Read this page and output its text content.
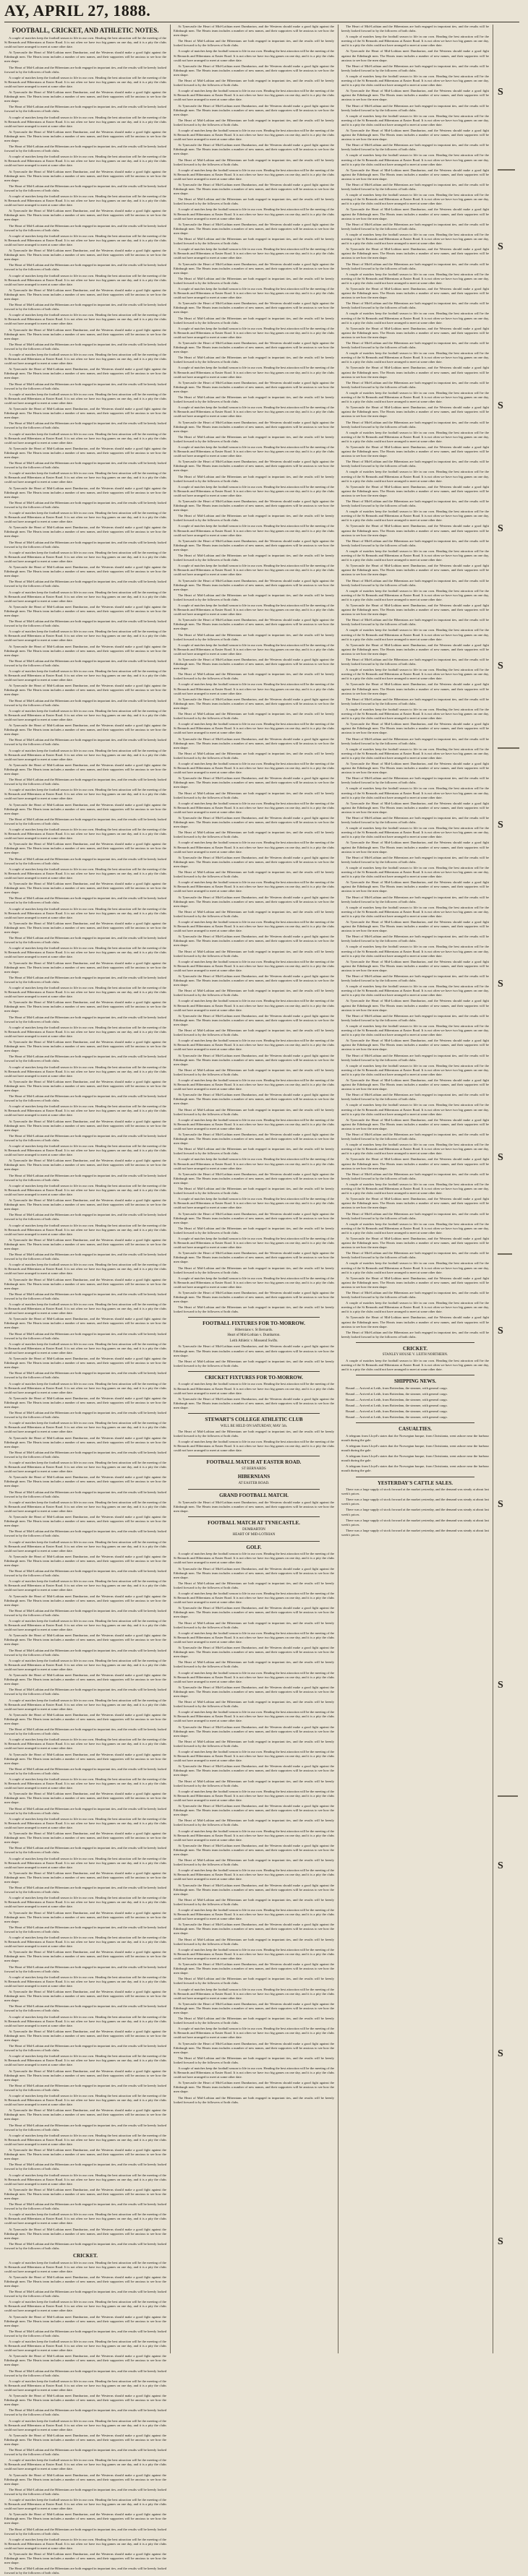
AY, APRIL 27, 1888.
FOOTBALL, CRICKET, AND ATHLETIC NOTES.

A couple of matches keep the football season to life in our own. Heading the best attraction will be the meeting of the St Bernards and Hibernians at Easter Road. It is not often we have two big games on one day, and it is a pity the clubs could not have arranged to meet at some other date.

At Tynecastle the Heart of Mid-Lothian meet Dumbarton, and the Westerns should make a good fight against the Edinburgh men. The Hearts team includes a number of new names, and their supporters will be anxious to see how the men shape.

The Heart of Mid-Lothian and the Hibernians are both engaged in important ties, and the results will be keenly looked forward to by the followers of both clubs.

A couple of matches keep the football season to life in our own. Heading the best attraction will be the meeting of the St Bernards and Hibernians at Easter Road. It is not often we have two big games on one day, and it is a pity the clubs could not have arranged to meet at some other date.

At Tynecastle the Heart of Mid-Lothian meet Dumbarton, and the Westerns should make a good fight against the Edinburgh men. The Hearts team includes a number of new names, and their supporters will be anxious to see how the men shape.

The Heart of Mid-Lothian and the Hibernians are both engaged in important ties, and the results will be keenly looked forward to by the followers of both clubs.

A couple of matches keep the football season to life in our own. Heading the best attraction will be the meeting of the St Bernards and Hibernians at Easter Road. It is not often we have two big games on one day, and it is a pity the clubs could not have arranged to meet at some other date.

At Tynecastle the Heart of Mid-Lothian meet Dumbarton, and the Westerns should make a good fight against the Edinburgh men. The Hearts team includes a number of new names, and their supporters will be anxious to see how the men shape.

The Heart of Mid-Lothian and the Hibernians are both engaged in important ties, and the results will be keenly looked forward to by the followers of both clubs.

A couple of matches keep the football season to life in our own. Heading the best attraction will be the meeting of the St Bernards and Hibernians at Easter Road. It is not often we have two big games on one day, and it is a pity the clubs could not have arranged to meet at some other date.

At Tynecastle the Heart of Mid-Lothian meet Dumbarton, and the Westerns should make a good fight against the Edinburgh men. The Hearts team includes a number of new names, and their supporters will be anxious to see how the men shape.

The Heart of Mid-Lothian and the Hibernians are both engaged in important ties, and the results will be keenly looked forward to by the followers of both clubs.

A couple of matches keep the football season to life in our own. Heading the best attraction will be the meeting of the St Bernards and Hibernians at Easter Road. It is not often we have two big games on one day, and it is a pity the clubs could not have arranged to meet at some other date.

At Tynecastle the Heart of Mid-Lothian meet Dumbarton, and the Westerns should make a good fight against the Edinburgh men. The Hearts team includes a number of new names, and their supporters will be anxious to see how the men shape.

The Heart of Mid-Lothian and the Hibernians are both engaged in important ties, and the results will be keenly looked forward to by the followers of both clubs.

A couple of matches keep the football season to life in our own. Heading the best attraction will be the meeting of the St Bernards and Hibernians at Easter Road. It is not often we have two big games on one day, and it is a pity the clubs could not have arranged to meet at some other date.

At Tynecastle the Heart of Mid-Lothian meet Dumbarton, and the Westerns should make a good fight against the Edinburgh men. The Hearts team includes a number of new names, and their supporters will be anxious to see how the men shape.

The Heart of Mid-Lothian and the Hibernians are both engaged in important ties, and the results will be keenly looked forward to by the followers of both clubs.

A couple of matches keep the football season to life in our own. Heading the best attraction will be the meeting of the St Bernards and Hibernians at Easter Road. It is not often we have two big games on one day, and it is a pity the clubs could not have arranged to meet at some other date.

At Tynecastle the Heart of Mid-Lothian meet Dumbarton, and the Westerns should make a good fight against the Edinburgh men. The Hearts team includes a number of new names, and their supporters will be anxious to see how the men shape.

The Heart of Mid-Lothian and the Hibernians are both engaged in important ties, and the results will be keenly looked forward to by the followers of both clubs.

A couple of matches keep the football season to life in our own. Heading the best attraction will be the meeting of the St Bernards and Hibernians at Easter Road. It is not often we have two big games on one day, and it is a pity the clubs could not have arranged to meet at some other date.

At Tynecastle the Heart of Mid-Lothian meet Dumbarton, and the Westerns should make a good fight against the Edinburgh men. The Hearts team includes a number of new names, and their supporters will be anxious to see how the men shape.

The Heart of Mid-Lothian and the Hibernians are both engaged in important ties, and the results will be keenly looked forward to by the followers of both clubs.

A couple of matches keep the football season to life in our own. Heading the best attraction will be the meeting of the St Bernards and Hibernians at Easter Road. It is not often we have two big games on one day, and it is a pity the clubs could not have arranged to meet at some other date.

At Tynecastle the Heart of Mid-Lothian meet Dumbarton, and the Westerns should make a good fight against the Edinburgh men. The Hearts team includes a number of new names, and their supporters will be anxious to see how the men shape.

The Heart of Mid-Lothian and the Hibernians are both engaged in important ties, and the results will be keenly looked forward to by the followers of both clubs.

A couple of matches keep the football season to life in our own. Heading the best attraction will be the meeting of the St Bernards and Hibernians at Easter Road. It is not often we have two big games on one day, and it is a pity the clubs could not have arranged to meet at some other date.

At Tynecastle the Heart of Mid-Lothian meet Dumbarton, and the Westerns should make a good fight against the Edinburgh men. The Hearts team includes a number of new names, and their supporters will be anxious to see how the men shape.

The Heart of Mid-Lothian and the Hibernians are both engaged in important ties, and the results will be keenly looked forward to by the followers of both clubs.

A couple of matches keep the football season to life in our own. Heading the best attraction will be the meeting of the St Bernards and Hibernians at Easter Road. It is not often we have two big games on one day, and it is a pity the clubs could not have arranged to meet at some other date.

At Tynecastle the Heart of Mid-Lothian meet Dumbarton, and the Westerns should make a good fight against the Edinburgh men. The Hearts team includes a number of new names, and their supporters will be anxious to see how the men shape.

The Heart of Mid-Lothian and the Hibernians are both engaged in important ties, and the results will be keenly looked forward to by the followers of both clubs.

A couple of matches keep the football season to life in our own. Heading the best attraction will be the meeting of the St Bernards and Hibernians at Easter Road. It is not often we have two big games on one day, and it is a pity the clubs could not have arranged to meet at some other date.

At Tynecastle the Heart of Mid-Lothian meet Dumbarton, and the Westerns should make a good fight against the Edinburgh men. The Hearts team includes a number of new names, and their supporters will be anxious to see how the men shape.

The Heart of Mid-Lothian and the Hibernians are both engaged in important ties, and the results will be keenly looked forward to by the followers of both clubs.

A couple of matches keep the football season to life in our own. Heading the best attraction will be the meeting of the St Bernards and Hibernians at Easter Road. It is not often we have two big games on one day, and it is a pity the clubs could not have arranged to meet at some other date.

At Tynecastle the Heart of Mid-Lothian meet Dumbarton, and the Westerns should make a good fight against the Edinburgh men. The Hearts team includes a number of new names, and their supporters will be anxious to see how the men shape.

The Heart of Mid-Lothian and the Hibernians are both engaged in important ties, and the results will be keenly looked forward to by the followers of both clubs.

A couple of matches keep the football season to life in our own. Heading the best attraction will be the meeting of the St Bernards and Hibernians at Easter Road. It is not often we have two big games on one day, and it is a pity the clubs could not have arranged to meet at some other date.

At Tynecastle the Heart of Mid-Lothian meet Dumbarton, and the Westerns should make a good fight against the Edinburgh men. The Hearts team includes a number of new names, and their supporters will be anxious to see how the men shape.

The Heart of Mid-Lothian and the Hibernians are both engaged in important ties, and the results will be keenly looked forward to by the followers of both clubs.

A couple of matches keep the football season to life in our own. Heading the best attraction will be the meeting of the St Bernards and Hibernians at Easter Road. It is not often we have two big games on one day, and it is a pity the clubs could not have arranged to meet at some other date.

At Tynecastle the Heart of Mid-Lothian meet Dumbarton, and the Westerns should make a good fight against the Edinburgh men. The Hearts team includes a number of new names, and their supporters will be anxious to see how the men shape.

The Heart of Mid-Lothian and the Hibernians are both engaged in important ties, and the results will be keenly looked forward to by the followers of both clubs.

A couple of matches keep the football season to life in our own. Heading the best attraction will be the meeting of the St Bernards and Hibernians at Easter Road. It is not often we have two big games on one day, and it is a pity the clubs could not have arranged to meet at some other date.

At Tynecastle the Heart of Mid-Lothian meet Dumbarton, and the Westerns should make a good fight against the Edinburgh men. The Hearts team includes a number of new names, and their supporters will be anxious to see how the men shape.

The Heart of Mid-Lothian and the Hibernians are both engaged in important ties, and the results will be keenly looked forward to by the followers of both clubs.

A couple of matches keep the football season to life in our own. Heading the best attraction will be the meeting of the St Bernards and Hibernians at Easter Road. It is not often we have two big games on one day, and it is a pity the clubs could not have arranged to meet at some other date.

At Tynecastle the Heart of Mid-Lothian meet Dumbarton, and the Westerns should make a good fight against the Edinburgh men. The Hearts team includes a number of new names, and their supporters will be anxious to see how the men shape.

The Heart of Mid-Lothian and the Hibernians are both engaged in important ties, and the results will be keenly looked forward to by the followers of both clubs.

A couple of matches keep the football season to life in our own. Heading the best attraction will be the meeting of the St Bernards and Hibernians at Easter Road. It is not often we have two big games on one day, and it is a pity the clubs could not have arranged to meet at some other date.

At Tynecastle the Heart of Mid-Lothian meet Dumbarton, and the Westerns should make a good fight against the Edinburgh men. The Hearts team includes a number of new names, and their supporters will be anxious to see how the men shape.

The Heart of Mid-Lothian and the Hibernians are both engaged in important ties, and the results will be keenly looked forward to by the followers of both clubs.

A couple of matches keep the football season to life in our own. Heading the best attraction will be the meeting of the St Bernards and Hibernians at Easter Road. It is not often we have two big games on one day, and it is a pity the clubs could not have arranged to meet at some other date.

At Tynecastle the Heart of Mid-Lothian meet Dumbarton, and the Westerns should make a good fight against the Edinburgh men. The Hearts team includes a number of new names, and their supporters will be anxious to see how the men shape.

The Heart of Mid-Lothian and the Hibernians are both engaged in important ties, and the results will be keenly looked forward to by the followers of both clubs.

A couple of matches keep the football season to life in our own. Heading the best attraction will be the meeting of the St Bernards and Hibernians at Easter Road. It is not often we have two big games on one day, and it is a pity the clubs could not have arranged to meet at some other date.

At Tynecastle the Heart of Mid-Lothian meet Dumbarton, and the Westerns should make a good fight against the Edinburgh men. The Hearts team includes a number of new names, and their supporters will be anxious to see how the men shape.

The Heart of Mid-Lothian and the Hibernians are both engaged in important ties, and the results will be keenly looked forward to by the followers of both clubs.

A couple of matches keep the football season to life in our own. Heading the best attraction will be the meeting of the St Bernards and Hibernians at Easter Road. It is not often we have two big games on one day, and it is a pity the clubs could not have arranged to meet at some other date.

At Tynecastle the Heart of Mid-Lothian meet Dumbarton, and the Westerns should make a good fight against the Edinburgh men. The Hearts team includes a number of new names, and their supporters will be anxious to see how the men shape.

The Heart of Mid-Lothian and the Hibernians are both engaged in important ties, and the results will be keenly looked forward to by the followers of both clubs.

A couple of matches keep the football season to life in our own. Heading the best attraction will be the meeting of the St Bernards and Hibernians at Easter Road. It is not often we have two big games on one day, and it is a pity the clubs could not have arranged to meet at some other date.

At Tynecastle the Heart of Mid-Lothian meet Dumbarton, and the Westerns should make a good fight against the Edinburgh men. The Hearts team includes a number of new names, and their supporters will be anxious to see how the men shape.

The Heart of Mid-Lothian and the Hibernians are both engaged in important ties, and the results will be keenly looked forward to by the followers of both clubs.

A couple of matches keep the football season to life in our own. Heading the best attraction will be the meeting of the St Bernards and Hibernians at Easter Road. It is not often we have two big games on one day, and it is a pity the clubs could not have arranged to meet at some other date.

At Tynecastle the Heart of Mid-Lothian meet Dumbarton, and the Westerns should make a good fight against the Edinburgh men. The Hearts team includes a number of new names, and their supporters will be anxious to see how the men shape.

The Heart of Mid-Lothian and the Hibernians are both engaged in important ties, and the results will be keenly looked forward to by the followers of both clubs.

A couple of matches keep the football season to life in our own. Heading the best attraction will be the meeting of the St Bernards and Hibernians at Easter Road. It is not often we have two big games on one day, and it is a pity the clubs could not have arranged to meet at some other date.

At Tynecastle the Heart of Mid-Lothian meet Dumbarton, and the Westerns should make a good fight against the Edinburgh men. The Hearts team includes a number of new names, and their supporters will be anxious to see how the men shape.

The Heart of Mid-Lothian and the Hibernians are both engaged in important ties, and the results will be keenly looked forward to by the followers of both clubs.

A couple of matches keep the football season to life in our own. Heading the best attraction will be the meeting of the St Bernards and Hibernians at Easter Road. It is not often we have two big games on one day, and it is a pity the clubs could not have arranged to meet at some other date.

At Tynecastle the Heart of Mid-Lothian meet Dumbarton, and the Westerns should make a good fight against the Edinburgh men. The Hearts team includes a number of new names, and their supporters will be anxious to see how the men shape.

The Heart of Mid-Lothian and the Hibernians are both engaged in important ties, and the results will be keenly looked forward to by the followers of both clubs.

A couple of matches keep the football season to life in our own. Heading the best attraction will be the meeting of the St Bernards and Hibernians at Easter Road. It is not often we have two big games on one day, and it is a pity the clubs could not have arranged to meet at some other date.

At Tynecastle the Heart of Mid-Lothian meet Dumbarton, and the Westerns should make a good fight against the Edinburgh men. The Hearts team includes a number of new names, and their supporters will be anxious to see how the men shape.

The Heart of Mid-Lothian and the Hibernians are both engaged in important ties, and the results will be keenly looked forward to by the followers of both clubs.

A couple of matches keep the football season to life in our own. Heading the best attraction will be the meeting of the St Bernards and Hibernians at Easter Road. It is not often we have two big games on one day, and it is a pity the clubs could not have arranged to meet at some other date.

At Tynecastle the Heart of Mid-Lothian meet Dumbarton, and the Westerns should make a good fight against the Edinburgh men. The Hearts team includes a number of new names, and their supporters will be anxious to see how the men shape.

The Heart of Mid-Lothian and the Hibernians are both engaged in important ties, and the results will be keenly looked forward to by the followers of both clubs.

A couple of matches keep the football season to life in our own. Heading the best attraction will be the meeting of the St Bernards and Hibernians at Easter Road. It is not often we have two big games on one day, and it is a pity the clubs could not have arranged to meet at some other date.

At Tynecastle the Heart of Mid-Lothian meet Dumbarton, and the Westerns should make a good fight against the Edinburgh men. The Hearts team includes a number of new names, and their supporters will be anxious to see how the men shape.

The Heart of Mid-Lothian and the Hibernians are both engaged in important ties, and the results will be keenly looked forward to by the followers of both clubs.

A couple of matches keep the football season to life in our own. Heading the best attraction will be the meeting of the St Bernards and Hibernians at Easter Road. It is not often we have two big games on one day, and it is a pity the clubs could not have arranged to meet at some other date.

At Tynecastle the Heart of Mid-Lothian meet Dumbarton, and the Westerns should make a good fight against the Edinburgh men. The Hearts team includes a number of new names, and their supporters will be anxious to see how the men shape.

The Heart of Mid-Lothian and the Hibernians are both engaged in important ties, and the results will be keenly looked forward to by the followers of both clubs.

A couple of matches keep the football season to life in our own. Heading the best attraction will be the meeting of the St Bernards and Hibernians at Easter Road. It is not often we have two big games on one day, and it is a pity the clubs could not have arranged to meet at some other date.

At Tynecastle the Heart of Mid-Lothian meet Dumbarton, and the Westerns should make a good fight against the Edinburgh men. The Hearts team includes a number of new names, and their supporters will be anxious to see how the men shape.

The Heart of Mid-Lothian and the Hibernians are both engaged in important ties, and the results will be keenly looked forward to by the followers of both clubs.

A couple of matches keep the football season to life in our own. Heading the best attraction will be the meeting of the St Bernards and Hibernians at Easter Road. It is not often we have two big games on one day, and it is a pity the clubs could not have arranged to meet at some other date.

At Tynecastle the Heart of Mid-Lothian meet Dumbarton, and the Westerns should make a good fight against the Edinburgh men. The Hearts team includes a number of new names, and their supporters will be anxious to see how the men shape.

The Heart of Mid-Lothian and the Hibernians are both engaged in important ties, and the results will be keenly looked forward to by the followers of both clubs.

A couple of matches keep the football season to life in our own. Heading the best attraction will be the meeting of the St Bernards and Hibernians at Easter Road. It is not often we have two big games on one day, and it is a pity the clubs could not have arranged to meet at some other date.

At Tynecastle the Heart of Mid-Lothian meet Dumbarton, and the Westerns should make a good fight against the Edinburgh men. The Hearts team includes a number of new names, and their supporters will be anxious to see how the men shape.

The Heart of Mid-Lothian and the Hibernians are both engaged in important ties, and the results will be keenly looked forward to by the followers of both clubs.

A couple of matches keep the football season to life in our own. Heading the best attraction will be the meeting of the St Bernards and Hibernians at Easter Road. It is not often we have two big games on one day, and it is a pity the clubs could not have arranged to meet at some other date.

At Tynecastle the Heart of Mid-Lothian meet Dumbarton, and the Westerns should make a good fight against the Edinburgh men. The Hearts team includes a number of new names, and their supporters will be anxious to see how the men shape.

The Heart of Mid-Lothian and the Hibernians are both engaged in important ties, and the results will be keenly looked forward to by the followers of both clubs.

A couple of matches keep the football season to life in our own. Heading the best attraction will be the meeting of the St Bernards and Hibernians at Easter Road. It is not often we have two big games on one day, and it is a pity the clubs could not have arranged to meet at some other date.

At Tynecastle the Heart of Mid-Lothian meet Dumbarton, and the Westerns should make a good fight against the Edinburgh men. The Hearts team includes a number of new names, and their supporters will be anxious to see how the men shape.

The Heart of Mid-Lothian and the Hibernians are both engaged in important ties, and the results will be keenly looked forward to by the followers of both clubs.

A couple of matches keep the football season to life in our own. Heading the best attraction will be the meeting of the St Bernards and Hibernians at Easter Road. It is not often we have two big games on one day, and it is a pity the clubs could not have arranged to meet at some other date.

At Tynecastle the Heart of Mid-Lothian meet Dumbarton, and the Westerns should make a good fight against the Edinburgh men. The Hearts team includes a number of new names, and their supporters will be anxious to see how the men shape.

The Heart of Mid-Lothian and the Hibernians are both engaged in important ties, and the results will be keenly looked forward to by the followers of both clubs.

A couple of matches keep the football season to life in our own. Heading the best attraction will be the meeting of the St Bernards and Hibernians at Easter Road. It is not often we have two big games on one day, and it is a pity the clubs could not have arranged to meet at some other date.

At Tynecastle the Heart of Mid-Lothian meet Dumbarton, and the Westerns should make a good fight against the Edinburgh men. The Hearts team includes a number of new names, and their supporters will be anxious to see how the men shape.

The Heart of Mid-Lothian and the Hibernians are both engaged in important ties, and the results will be keenly looked forward to by the followers of both clubs.

A couple of matches keep the football season to life in our own. Heading the best attraction will be the meeting of the St Bernards and Hibernians at Easter Road. It is not often we have two big games on one day, and it is a pity the clubs could not have arranged to meet at some other date.

At Tynecastle the Heart of Mid-Lothian meet Dumbarton, and the Westerns should make a good fight against the Edinburgh men. The Hearts team includes a number of new names, and their supporters will be anxious to see how the men shape.

The Heart of Mid-Lothian and the Hibernians are both engaged in important ties, and the results will be keenly looked forward to by the followers of both clubs.

A couple of matches keep the football season to life in our own. Heading the best attraction will be the meeting of the St Bernards and Hibernians at Easter Road. It is not often we have two big games on one day, and it is a pity the clubs could not have arranged to meet at some other date.

At Tynecastle the Heart of Mid-Lothian meet Dumbarton, and the Westerns should make a good fight against the Edinburgh men. The Hearts team includes a number of new names, and their supporters will be anxious to see how the men shape.

The Heart of Mid-Lothian and the Hibernians are both engaged in important ties, and the results will be keenly looked forward to by the followers of both clubs.

A couple of matches keep the football season to life in our own. Heading the best attraction will be the meeting of the St Bernards and Hibernians at Easter Road. It is not often we have two big games on one day, and it is a pity the clubs could not have arranged to meet at some other date.

At Tynecastle the Heart of Mid-Lothian meet Dumbarton, and the Westerns should make a good fight against the Edinburgh men. The Hearts team includes a number of new names, and their supporters will be anxious to see how the men shape.

The Heart of Mid-Lothian and the Hibernians are both engaged in important ties, and the results will be keenly looked forward to by the followers of both clubs.

A couple of matches keep the football season to life in our own. Heading the best attraction will be the meeting of the St Bernards and Hibernians at Easter Road. It is not often we have two big games on one day, and it is a pity the clubs could not have arranged to meet at some other date.

At Tynecastle the Heart of Mid-Lothian meet Dumbarton, and the Westerns should make a good fight against the Edinburgh men. The Hearts team includes a number of new names, and their supporters will be anxious to see how the men shape.

The Heart of Mid-Lothian and the Hibernians are both engaged in important ties, and the results will be keenly looked forward to by the followers of both clubs.

A couple of matches keep the football season to life in our own. Heading the best attraction will be the meeting of the St Bernards and Hibernians at Easter Road. It is not often we have two big games on one day, and it is a pity the clubs could not have arranged to meet at some other date.

At Tynecastle the Heart of Mid-Lothian meet Dumbarton, and the Westerns should make a good fight against the Edinburgh men. The Hearts team includes a number of new names, and their supporters will be anxious to see how the men shape.

The Heart of Mid-Lothian and the Hibernians are both engaged in important ties, and the results will be keenly looked forward to by the followers of both clubs.

A couple of matches keep the football season to life in our own. Heading the best attraction will be the meeting of the St Bernards and Hibernians at Easter Road. It is not often we have two big games on one day, and it is a pity the clubs could not have arranged to meet at some other date.

At Tynecastle the Heart of Mid-Lothian meet Dumbarton, and the Westerns should make a good fight against the Edinburgh men. The Hearts team includes a number of new names, and their supporters will be anxious to see how the men shape.

The Heart of Mid-Lothian and the Hibernians are both engaged in important ties, and the results will be keenly looked forward to by the followers of both clubs.

A couple of matches keep the football season to life in our own. Heading the best attraction will be the meeting of the St Bernards and Hibernians at Easter Road. It is not often we have two big games on one day, and it is a pity the clubs could not have arranged to meet at some other date.

At Tynecastle the Heart of Mid-Lothian meet Dumbarton, and the Westerns should make a good fight against the Edinburgh men. The Hearts team includes a number of new names, and their supporters will be anxious to see how the men shape.

The Heart of Mid-Lothian and the Hibernians are both engaged in important ties, and the results will be keenly looked forward to by the followers of both clubs.

A couple of matches keep the football season to life in our own. Heading the best attraction will be the meeting of the St Bernards and Hibernians at Easter Road. It is not often we have two big games on one day, and it is a pity the clubs could not have arranged to meet at some other date.

At Tynecastle the Heart of Mid-Lothian meet Dumbarton, and the Westerns should make a good fight against the Edinburgh men. The Hearts team includes a number of new names, and their supporters will be anxious to see how the men shape.

The Heart of Mid-Lothian and the Hibernians are both engaged in important ties, and the results will be keenly looked forward to by the followers of both clubs.

A couple of matches keep the football season to life in our own. Heading the best attraction will be the meeting of the St Bernards and Hibernians at Easter Road. It is not often we have two big games on one day, and it is a pity the clubs could not have arranged to meet at some other date.

At Tynecastle the Heart of Mid-Lothian meet Dumbarton, and the Westerns should make a good fight against the Edinburgh men. The Hearts team includes a number of new names, and their supporters will be anxious to see how the men shape.

The Heart of Mid-Lothian and the Hibernians are both engaged in important ties, and the results will be keenly looked forward to by the followers of both clubs.

A couple of matches keep the football season to life in our own. Heading the best attraction will be the meeting of the St Bernards and Hibernians at Easter Road. It is not often we have two big games on one day, and it is a pity the clubs could not have arranged to meet at some other date.

At Tynecastle the Heart of Mid-Lothian meet Dumbarton, and the Westerns should make a good fight against the Edinburgh men. The Hearts team includes a number of new names, and their supporters will be anxious to see how the men shape.

The Heart of Mid-Lothian and the Hibernians are both engaged in important ties, and the results will be keenly looked forward to by the followers of both clubs.

A couple of matches keep the football season to life in our own. Heading the best attraction will be the meeting of the St Bernards and Hibernians at Easter Road. It is not often we have two big games on one day, and it is a pity the clubs could not have arranged to meet at some other date.

At Tynecastle the Heart of Mid-Lothian meet Dumbarton, and the Westerns should make a good fight against the Edinburgh men. The Hearts team includes a number of new names, and their supporters will be anxious to see how the men shape.

The Heart of Mid-Lothian and the Hibernians are both engaged in important ties, and the results will be keenly looked forward to by the followers of both clubs.

A couple of matches keep the football season to life in our own. Heading the best attraction will be the meeting of the St Bernards and Hibernians at Easter Road. It is not often we have two big games on one day, and it is a pity the clubs could not have arranged to meet at some other date.

At Tynecastle the Heart of Mid-Lothian meet Dumbarton, and the Westerns should make a good fight against the Edinburgh men. The Hearts team includes a number of new names, and their supporters will be anxious to see how the men shape.

The Heart of Mid-Lothian and the Hibernians are both engaged in important ties, and the results will be keenly looked forward to by the followers of both clubs.

A couple of matches keep the football season to life in our own. Heading the best attraction will be the meeting of the St Bernards and Hibernians at Easter Road. It is not often we have two big games on one day, and it is a pity the clubs could not have arranged to meet at some other date.

At Tynecastle the Heart of Mid-Lothian meet Dumbarton, and the Westerns should make a good fight against the Edinburgh men. The Hearts team includes a number of new names, and their supporters will be anxious to see how the men shape.

The Heart of Mid-Lothian and the Hibernians are both engaged in important ties, and the results will be keenly looked forward to by the followers of both clubs.

A couple of matches keep the football season to life in our own. Heading the best attraction will be the meeting of the St Bernards and Hibernians at Easter Road. It is not often we have two big games on one day, and it is a pity the clubs could not have arranged to meet at some other date.

At Tynecastle the Heart of Mid-Lothian meet Dumbarton, and the Westerns should make a good fight against the Edinburgh men. The Hearts team includes a number of new names, and their supporters will be anxious to see how the men shape.

The Heart of Mid-Lothian and the Hibernians are both engaged in important ties, and the results will be keenly looked forward to by the followers of both clubs.

A couple of matches keep the football season to life in our own. Heading the best attraction will be the meeting of the St Bernards and Hibernians at Easter Road. It is not often we have two big games on one day, and it is a pity the clubs could not have arranged to meet at some other date.

At Tynecastle the Heart of Mid-Lothian meet Dumbarton, and the Westerns should make a good fight against the Edinburgh men. The Hearts team includes a number of new names, and their supporters will be anxious to see how the men shape.

The Heart of Mid-Lothian and the Hibernians are both engaged in important ties, and the results will be keenly looked forward to by the followers of both clubs.

A couple of matches keep the football season to life in our own. Heading the best attraction will be the meeting of the St Bernards and Hibernians at Easter Road. It is not often we have two big games on one day, and it is a pity the clubs could not have arranged to meet at some other date.

At Tynecastle the Heart of Mid-Lothian meet Dumbarton, and the Westerns should make a good fight against the Edinburgh men. The Hearts team includes a number of new names, and their supporters will be anxious to see how the men shape.

The Heart of Mid-Lothian and the Hibernians are both engaged in important ties, and the results will be keenly looked forward to by the followers of both clubs.

A couple of matches keep the football season to life in our own. Heading the best attraction will be the meeting of the St Bernards and Hibernians at Easter Road. It is not often we have two big games on one day, and it is a pity the clubs could not have arranged to meet at some other date.

At Tynecastle the Heart of Mid-Lothian meet Dumbarton, and the Westerns should make a good fight against the Edinburgh men. The Hearts team includes a number of new names, and their supporters will be anxious to see how the men shape.

The Heart of Mid-Lothian and the Hibernians are both engaged in important ties, and the results will be keenly looked forward to by the followers of both clubs.

A couple of matches keep the football season to life in our own. Heading the best attraction will be the meeting of the St Bernards and Hibernians at Easter Road. It is not often we have two big games on one day, and it is a pity the clubs could not have arranged to meet at some other date.

At Tynecastle the Heart of Mid-Lothian meet Dumbarton, and the Westerns should make a good fight against the Edinburgh men. The Hearts team includes a number of new names, and their supporters will be anxious to see how the men shape.

The Heart of Mid-Lothian and the Hibernians are both engaged in important ties, and the results will be keenly looked forward to by the followers of both clubs.

A couple of matches keep the football season to life in our own. Heading the best attraction will be the meeting of the St Bernards and Hibernians at Easter Road. It is not often we have two big games on one day, and it is a pity the clubs could not have arranged to meet at some other date.

At Tynecastle the Heart of Mid-Lothian meet Dumbarton, and the Westerns should make a good fight against the Edinburgh men. The Hearts team includes a number of new names, and their supporters will be anxious to see how the men shape.

The Heart of Mid-Lothian and the Hibernians are both engaged in important ties, and the results will be keenly looked forward to by the followers of both clubs.

A couple of matches keep the football season to life in our own. Heading the best attraction will be the meeting of the St Bernards and Hibernians at Easter Road. It is not often we have two big games on one day, and it is a pity the clubs could not have arranged to meet at some other date.

At Tynecastle the Heart of Mid-Lothian meet Dumbarton, and the Westerns should make a good fight against the Edinburgh men. The Hearts team includes a number of new names, and their supporters will be anxious to see how the men shape.

The Heart of Mid-Lothian and the Hibernians are both engaged in important ties, and the results will be keenly looked forward to by the followers of both clubs.

CRICKET.

A couple of matches keep the football season to life in our own. Heading the best attraction will be the meeting of the St Bernards and Hibernians at Easter Road. It is not often we have two big games on one day, and it is a pity the clubs could not have arranged to meet at some other date.

At Tynecastle the Heart of Mid-Lothian meet Dumbarton, and the Westerns should make a good fight against the Edinburgh men. The Hearts team includes a number of new names, and their supporters will be anxious to see how the men shape.

The Heart of Mid-Lothian and the Hibernians are both engaged in important ties, and the results will be keenly looked forward to by the followers of both clubs.

A couple of matches keep the football season to life in our own. Heading the best attraction will be the meeting of the St Bernards and Hibernians at Easter Road. It is not often we have two big games on one day, and it is a pity the clubs could not have arranged to meet at some other date.

At Tynecastle the Heart of Mid-Lothian meet Dumbarton, and the Westerns should make a good fight against the Edinburgh men. The Hearts team includes a number of new names, and their supporters will be anxious to see how the men shape.

The Heart of Mid-Lothian and the Hibernians are both engaged in important ties, and the results will be keenly looked forward to by the followers of both clubs.

A couple of matches keep the football season to life in our own. Heading the best attraction will be the meeting of the St Bernards and Hibernians at Easter Road. It is not often we have two big games on one day, and it is a pity the clubs could not have arranged to meet at some other date.

At Tynecastle the Heart of Mid-Lothian meet Dumbarton, and the Westerns should make a good fight against the Edinburgh men. The Hearts team includes a number of new names, and their supporters will be anxious to see how the men shape.

The Heart of Mid-Lothian and the Hibernians are both engaged in important ties, and the results will be keenly looked forward to by the followers of both clubs.

A couple of matches keep the football season to life in our own. Heading the best attraction will be the meeting of the St Bernards and Hibernians at Easter Road. It is not often we have two big games on one day, and it is a pity the clubs could not have arranged to meet at some other date.

At Tynecastle the Heart of Mid-Lothian meet Dumbarton, and the Westerns should make a good fight against the Edinburgh men. The Hearts team includes a number of new names, and their supporters will be anxious to see how the men shape.

The Heart of Mid-Lothian and the Hibernians are both engaged in important ties, and the results will be keenly looked forward to by the followers of both clubs.

A couple of matches keep the football season to life in our own. Heading the best attraction will be the meeting of the St Bernards and Hibernians at Easter Road. It is not often we have two big games on one day, and it is a pity the clubs could not have arranged to meet at some other date.

At Tynecastle the Heart of Mid-Lothian meet Dumbarton, and the Westerns should make a good fight against the Edinburgh men. The Hearts team includes a number of new names, and their supporters will be anxious to see how the men shape.

The Heart of Mid-Lothian and the Hibernians are both engaged in important ties, and the results will be keenly looked forward to by the followers of both clubs.

A couple of matches keep the football season to life in our own. Heading the best attraction will be the meeting of the St Bernards and Hibernians at Easter Road. It is not often we have two big games on one day, and it is a pity the clubs could not have arranged to meet at some other date.

At Tynecastle the Heart of Mid-Lothian meet Dumbarton, and the Westerns should make a good fight against the Edinburgh men. The Hearts team includes a number of new names, and their supporters will be anxious to see how the men shape.

The Heart of Mid-Lothian and the Hibernians are both engaged in important ties, and the results will be keenly looked forward to by the followers of both clubs.

A couple of matches keep the football season to life in our own. Heading the best attraction will be the meeting of the St Bernards and Hibernians at Easter Road. It is not often we have two big games on one day, and it is a pity the clubs could not have arranged to meet at some other date.

At Tynecastle the Heart of Mid-Lothian meet Dumbarton, and the Westerns should make a good fight against the Edinburgh men. The Hearts team includes a number of new names, and their supporters will be anxious to see how the men shape.

The Heart of Mid-Lothian and the Hibernians are both engaged in important ties, and the results will be keenly looked forward to by the followers of both clubs.

A couple of matches keep the football season to life in our own. Heading the best attraction will be the meeting of the St Bernards and Hibernians at Easter Road. It is not often we have two big games on one day, and it is a pity the clubs could not have arranged to meet at some other date.

At Tynecastle the Heart of Mid-Lothian meet Dumbarton, and the Westerns should make a good fight against the Edinburgh men. The Hearts team includes a number of new names, and their supporters will be anxious to see how the men shape.

The Heart of Mid-Lothian and the Hibernians are both engaged in important ties, and the results will be keenly looked forward to by the followers of both clubs.

At Tynecastle the Heart of Mid-Lothian meet Dumbarton, and the Westerns should make a good fight against the Edinburgh men. The Hearts team includes a number of new names, and their supporters will be anxious to see how the men shape.

The Heart of Mid-Lothian and the Hibernians are both engaged in important ties, and the results will be keenly looked forward to by the followers of both clubs.

A couple of matches keep the football season to life in our own. Heading the best attraction will be the meeting of the St Bernards and Hibernians at Easter Road. It is not often we have two big games on one day, and it is a pity the clubs could not have arranged to meet at some other date.

At Tynecastle the Heart of Mid-Lothian meet Dumbarton, and the Westerns should make a good fight against the Edinburgh men. The Hearts team includes a number of new names, and their supporters will be anxious to see how the men shape.

The Heart of Mid-Lothian and the Hibernians are both engaged in important ties, and the results will be keenly looked forward to by the followers of both clubs.

A couple of matches keep the football season to life in our own. Heading the best attraction will be the meeting of the St Bernards and Hibernians at Easter Road. It is not often we have two big games on one day, and it is a pity the clubs could not have arranged to meet at some other date.

At Tynecastle the Heart of Mid-Lothian meet Dumbarton, and the Westerns should make a good fight against the Edinburgh men. The Hearts team includes a number of new names, and their supporters will be anxious to see how the men shape.

The Heart of Mid-Lothian and the Hibernians are both engaged in important ties, and the results will be keenly looked forward to by the followers of both clubs.

A couple of matches keep the football season to life in our own. Heading the best attraction will be the meeting of the St Bernards and Hibernians at Easter Road. It is not often we have two big games on one day, and it is a pity the clubs could not have arranged to meet at some other date.

At Tynecastle the Heart of Mid-Lothian meet Dumbarton, and the Westerns should make a good fight against the Edinburgh men. The Hearts team includes a number of new names, and their supporters will be anxious to see how the men shape.

The Heart of Mid-Lothian and the Hibernians are both engaged in important ties, and the results will be keenly looked forward to by the followers of both clubs.

A couple of matches keep the football season to life in our own. Heading the best attraction will be the meeting of the St Bernards and Hibernians at Easter Road. It is not often we have two big games on one day, and it is a pity the clubs could not have arranged to meet at some other date.

At Tynecastle the Heart of Mid-Lothian meet Dumbarton, and the Westerns should make a good fight against the Edinburgh men. The Hearts team includes a number of new names, and their supporters will be anxious to see how the men shape.

The Heart of Mid-Lothian and the Hibernians are both engaged in important ties, and the results will be keenly looked forward to by the followers of both clubs.

A couple of matches keep the football season to life in our own. Heading the best attraction will be the meeting of the St Bernards and Hibernians at Easter Road. It is not often we have two big games on one day, and it is a pity the clubs could not have arranged to meet at some other date.

At Tynecastle the Heart of Mid-Lothian meet Dumbarton, and the Westerns should make a good fight against the Edinburgh men. The Hearts team includes a number of new names, and their supporters will be anxious to see how the men shape.

The Heart of Mid-Lothian and the Hibernians are both engaged in important ties, and the results will be keenly looked forward to by the followers of both clubs.

A couple of matches keep the football season to life in our own. Heading the best attraction will be the meeting of the St Bernards and Hibernians at Easter Road. It is not often we have two big games on one day, and it is a pity the clubs could not have arranged to meet at some other date.

At Tynecastle the Heart of Mid-Lothian meet Dumbarton, and the Westerns should make a good fight against the Edinburgh men. The Hearts team includes a number of new names, and their supporters will be anxious to see how the men shape.

The Heart of Mid-Lothian and the Hibernians are both engaged in important ties, and the results will be keenly looked forward to by the followers of both clubs.

A couple of matches keep the football season to life in our own. Heading the best attraction will be the meeting of the St Bernards and Hibernians at Easter Road. It is not often we have two big games on one day, and it is a pity the clubs could not have arranged to meet at some other date.

At Tynecastle the Heart of Mid-Lothian meet Dumbarton, and the Westerns should make a good fight against the Edinburgh men. The Hearts team includes a number of new names, and their supporters will be anxious to see how the men shape.

The Heart of Mid-Lothian and the Hibernians are both engaged in important ties, and the results will be keenly looked forward to by the followers of both clubs.

A couple of matches keep the football season to life in our own. Heading the best attraction will be the meeting of the St Bernards and Hibernians at Easter Road. It is not often we have two big games on one day, and it is a pity the clubs could not have arranged to meet at some other date.

At Tynecastle the Heart of Mid-Lothian meet Dumbarton, and the Westerns should make a good fight against the Edinburgh men. The Hearts team includes a number of new names, and their supporters will be anxious to see how the men shape.

The Heart of Mid-Lothian and the Hibernians are both engaged in important ties, and the results will be keenly looked forward to by the followers of both clubs.

A couple of matches keep the football season to life in our own. Heading the best attraction will be the meeting of the St Bernards and Hibernians at Easter Road. It is not often we have two big games on one day, and it is a pity the clubs could not have arranged to meet at some other date.

At Tynecastle the Heart of Mid-Lothian meet Dumbarton, and the Westerns should make a good fight against the Edinburgh men. The Hearts team includes a number of new names, and their supporters will be anxious to see how the men shape.

The Heart of Mid-Lothian and the Hibernians are both engaged in important ties, and the results will be keenly looked forward to by the followers of both clubs.

A couple of matches keep the football season to life in our own. Heading the best attraction will be the meeting of the St Bernards and Hibernians at Easter Road. It is not often we have two big games on one day, and it is a pity the clubs could not have arranged to meet at some other date.

At Tynecastle the Heart of Mid-Lothian meet Dumbarton, and the Westerns should make a good fight against the Edinburgh men. The Hearts team includes a number of new names, and their supporters will be anxious to see how the men shape.

The Heart of Mid-Lothian and the Hibernians are both engaged in important ties, and the results will be keenly looked forward to by the followers of both clubs.

A couple of matches keep the football season to life in our own. Heading the best attraction will be the meeting of the St Bernards and Hibernians at Easter Road. It is not often we have two big games on one day, and it is a pity the clubs could not have arranged to meet at some other date.

At Tynecastle the Heart of Mid-Lothian meet Dumbarton, and the Westerns should make a good fight against the Edinburgh men. The Hearts team includes a number of new names, and their supporters will be anxious to see how the men shape.

The Heart of Mid-Lothian and the Hibernians are both engaged in important ties, and the results will be keenly looked forward to by the followers of both clubs.

A couple of matches keep the football season to life in our own. Heading the best attraction will be the meeting of the St Bernards and Hibernians at Easter Road. It is not often we have two big games on one day, and it is a pity the clubs could not have arranged to meet at some other date.

At Tynecastle the Heart of Mid-Lothian meet Dumbarton, and the Westerns should make a good fight against the Edinburgh men. The Hearts team includes a number of new names, and their supporters will be anxious to see how the men shape.

The Heart of Mid-Lothian and the Hibernians are both engaged in important ties, and the results will be keenly looked forward to by the followers of both clubs.

A couple of matches keep the football season to life in our own. Heading the best attraction will be the meeting of the St Bernards and Hibernians at Easter Road. It is not often we have two big games on one day, and it is a pity the clubs could not have arranged to meet at some other date.

At Tynecastle the Heart of Mid-Lothian meet Dumbarton, and the Westerns should make a good fight against the Edinburgh men. The Hearts team includes a number of new names, and their supporters will be anxious to see how the men shape.

The Heart of Mid-Lothian and the Hibernians are both engaged in important ties, and the results will be keenly looked forward to by the followers of both clubs.

A couple of matches keep the football season to life in our own. Heading the best attraction will be the meeting of the St Bernards and Hibernians at Easter Road. It is not often we have two big games on one day, and it is a pity the clubs could not have arranged to meet at some other date.

At Tynecastle the Heart of Mid-Lothian meet Dumbarton, and the Westerns should make a good fight against the Edinburgh men. The Hearts team includes a number of new names, and their supporters will be anxious to see how the men shape.

The Heart of Mid-Lothian and the Hibernians are both engaged in important ties, and the results will be keenly looked forward to by the followers of both clubs.

A couple of matches keep the football season to life in our own. Heading the best attraction will be the meeting of the St Bernards and Hibernians at Easter Road. It is not often we have two big games on one day, and it is a pity the clubs could not have arranged to meet at some other date.

At Tynecastle the Heart of Mid-Lothian meet Dumbarton, and the Westerns should make a good fight against the Edinburgh men. The Hearts team includes a number of new names, and their supporters will be anxious to see how the men shape.

The Heart of Mid-Lothian and the Hibernians are both engaged in important ties, and the results will be keenly looked forward to by the followers of both clubs.

A couple of matches keep the football season to life in our own. Heading the best attraction will be the meeting of the St Bernards and Hibernians at Easter Road. It is not often we have two big games on one day, and it is a pity the clubs could not have arranged to meet at some other date.

At Tynecastle the Heart of Mid-Lothian meet Dumbarton, and the Westerns should make a good fight against the Edinburgh men. The Hearts team includes a number of new names, and their supporters will be anxious to see how the men shape.

The Heart of Mid-Lothian and the Hibernians are both engaged in important ties, and the results will be keenly looked forward to by the followers of both clubs.

A couple of matches keep the football season to life in our own. Heading the best attraction will be the meeting of the St Bernards and Hibernians at Easter Road. It is not often we have two big games on one day, and it is a pity the clubs could not have arranged to meet at some other date.

At Tynecastle the Heart of Mid-Lothian meet Dumbarton, and the Westerns should make a good fight against the Edinburgh men. The Hearts team includes a number of new names, and their supporters will be anxious to see how the men shape.

The Heart of Mid-Lothian and the Hibernians are both engaged in important ties, and the results will be keenly looked forward to by the followers of both clubs.

A couple of matches keep the football season to life in our own. Heading the best attraction will be the meeting of the St Bernards and Hibernians at Easter Road. It is not often we have two big games on one day, and it is a pity the clubs could not have arranged to meet at some other date.

At Tynecastle the Heart of Mid-Lothian meet Dumbarton, and the Westerns should make a good fight against the Edinburgh men. The Hearts team includes a number of new names, and their supporters will be anxious to see how the men shape.

The Heart of Mid-Lothian and the Hibernians are both engaged in important ties, and the results will be keenly looked forward to by the followers of both clubs.

A couple of matches keep the football season to life in our own. Heading the best attraction will be the meeting of the St Bernards and Hibernians at Easter Road. It is not often we have two big games on one day, and it is a pity the clubs could not have arranged to meet at some other date.

At Tynecastle the Heart of Mid-Lothian meet Dumbarton, and the Westerns should make a good fight against the Edinburgh men. The Hearts team includes a number of new names, and their supporters will be anxious to see how the men shape.

The Heart of Mid-Lothian and the Hibernians are both engaged in important ties, and the results will be keenly looked forward to by the followers of both clubs.

A couple of matches keep the football season to life in our own. Heading the best attraction will be the meeting of the St Bernards and Hibernians at Easter Road. It is not often we have two big games on one day, and it is a pity the clubs could not have arranged to meet at some other date.

At Tynecastle the Heart of Mid-Lothian meet Dumbarton, and the Westerns should make a good fight against the Edinburgh men. The Hearts team includes a number of new names, and their supporters will be anxious to see how the men shape.

The Heart of Mid-Lothian and the Hibernians are both engaged in important ties, and the results will be keenly looked forward to by the followers of both clubs.

A couple of matches keep the football season to life in our own. Heading the best attraction will be the meeting of the St Bernards and Hibernians at Easter Road. It is not often we have two big games on one day, and it is a pity the clubs could not have arranged to meet at some other date.

At Tynecastle the Heart of Mid-Lothian meet Dumbarton, and the Westerns should make a good fight against the Edinburgh men. The Hearts team includes a number of new names, and their supporters will be anxious to see how the men shape.

The Heart of Mid-Lothian and the Hibernians are both engaged in important ties, and the results will be keenly looked forward to by the followers of both clubs.

A couple of matches keep the football season to life in our own. Heading the best attraction will be the meeting of the St Bernards and Hibernians at Easter Road. It is not often we have two big games on one day, and it is a pity the clubs could not have arranged to meet at some other date.

At Tynecastle the Heart of Mid-Lothian meet Dumbarton, and the Westerns should make a good fight against the Edinburgh men. The Hearts team includes a number of new names, and their supporters will be anxious to see how the men shape.

The Heart of Mid-Lothian and the Hibernians are both engaged in important ties, and the results will be keenly looked forward to by the followers of both clubs.

A couple of matches keep the football season to life in our own. Heading the best attraction will be the meeting of the St Bernards and Hibernians at Easter Road. It is not often we have two big games on one day, and it is a pity the clubs could not have arranged to meet at some other date.

At Tynecastle the Heart of Mid-Lothian meet Dumbarton, and the Westerns should make a good fight against the Edinburgh men. The Hearts team includes a number of new names, and their supporters will be anxious to see how the men shape.

The Heart of Mid-Lothian and the Hibernians are both engaged in important ties, and the results will be keenly looked forward to by the followers of both clubs.

A couple of matches keep the football season to life in our own. Heading the best attraction will be the meeting of the St Bernards and Hibernians at Easter Road. It is not often we have two big games on one day, and it is a pity the clubs could not have arranged to meet at some other date.

At Tynecastle the Heart of Mid-Lothian meet Dumbarton, and the Westerns should make a good fight against the Edinburgh men. The Hearts team includes a number of new names, and their supporters will be anxious to see how the men shape.

The Heart of Mid-Lothian and the Hibernians are both engaged in important ties, and the results will be keenly looked forward to by the followers of both clubs.

A couple of matches keep the football season to life in our own. Heading the best attraction will be the meeting of the St Bernards and Hibernians at Easter Road. It is not often we have two big games on one day, and it is a pity the clubs could not have arranged to meet at some other date.

At Tynecastle the Heart of Mid-Lothian meet Dumbarton, and the Westerns should make a good fight against the Edinburgh men. The Hearts team includes a number of new names, and their supporters will be anxious to see how the men shape.

The Heart of Mid-Lothian and the Hibernians are both engaged in important ties, and the results will be keenly looked forward to by the followers of both clubs.

A couple of matches keep the football season to life in our own. Heading the best attraction will be the meeting of the St Bernards and Hibernians at Easter Road. It is not often we have two big games on one day, and it is a pity the clubs could not have arranged to meet at some other date.

At Tynecastle the Heart of Mid-Lothian meet Dumbarton, and the Westerns should make a good fight against the Edinburgh men. The Hearts team includes a number of new names, and their supporters will be anxious to see how the men shape.

The Heart of Mid-Lothian and the Hibernians are both engaged in important ties, and the results will be keenly looked forward to by the followers of both clubs.

A couple of matches keep the football season to life in our own. Heading the best attraction will be the meeting of the St Bernards and Hibernians at Easter Road. It is not often we have two big games on one day, and it is a pity the clubs could not have arranged to meet at some other date.

At Tynecastle the Heart of Mid-Lothian meet Dumbarton, and the Westerns should make a good fight against the Edinburgh men. The Hearts team includes a number of new names, and their supporters will be anxious to see how the men shape.

The Heart of Mid-Lothian and the Hibernians are both engaged in important ties, and the results will be keenly looked forward to by the followers of both clubs.

A couple of matches keep the football season to life in our own. Heading the best attraction will be the meeting of the St Bernards and Hibernians at Easter Road. It is not often we have two big games on one day, and it is a pity the clubs could not have arranged to meet at some other date.

At Tynecastle the Heart of Mid-Lothian meet Dumbarton, and the Westerns should make a good fight against the Edinburgh men. The Hearts team includes a number of new names, and their supporters will be anxious to see how the men shape.

The Heart of Mid-Lothian and the Hibernians are both engaged in important ties, and the results will be keenly looked forward to by the followers of both clubs.

A couple of matches keep the football season to life in our own. Heading the best attraction will be the meeting of the St Bernards and Hibernians at Easter Road. It is not often we have two big games on one day, and it is a pity the clubs could not have arranged to meet at some other date.

At Tynecastle the Heart of Mid-Lothian meet Dumbarton, and the Westerns should make a good fight against the Edinburgh men. The Hearts team includes a number of new names, and their supporters will be anxious to see how the men shape.

The Heart of Mid-Lothian and the Hibernians are both engaged in important ties, and the results will be keenly looked forward to by the followers of both clubs.

A couple of matches keep the football season to life in our own. Heading the best attraction will be the meeting of the St Bernards and Hibernians at Easter Road. It is not often we have two big games on one day, and it is a pity the clubs could not have arranged to meet at some other date.

At Tynecastle the Heart of Mid-Lothian meet Dumbarton, and the Westerns should make a good fight against the Edinburgh men. The Hearts team includes a number of new names, and their supporters will be anxious to see how the men shape.

The Heart of Mid-Lothian and the Hibernians are both engaged in important ties, and the results will be keenly looked forward to by the followers of both clubs.

A couple of matches keep the football season to life in our own. Heading the best attraction will be the meeting of the St Bernards and Hibernians at Easter Road. It is not often we have two big games on one day, and it is a pity the clubs could not have arranged to meet at some other date.

At Tynecastle the Heart of Mid-Lothian meet Dumbarton, and the Westerns should make a good fight against the Edinburgh men. The Hearts team includes a number of new names, and their supporters will be anxious to see how the men shape.

The Heart of Mid-Lothian and the Hibernians are both engaged in important ties, and the results will be keenly looked forward to by the followers of both clubs.

A couple of matches keep the football season to life in our own. Heading the best attraction will be the meeting of the St Bernards and Hibernians at Easter Road. It is not often we have two big games on one day, and it is a pity the clubs could not have arranged to meet at some other date.

At Tynecastle the Heart of Mid-Lothian meet Dumbarton, and the Westerns should make a good fight against the Edinburgh men. The Hearts team includes a number of new names, and their supporters will be anxious to see how the men shape.

The Heart of Mid-Lothian and the Hibernians are both engaged in important ties, and the results will be keenly looked forward to by the followers of both clubs.

FOOTBALL FIXTURES FOR TO-MORROW.
Hibernians v. St Bernards.
Heart of Mid-Lothian v. Dumbarton.
Leith Athletic v. Mossend Swifts.

At Tynecastle the Heart of Mid-Lothian meet Dumbarton, and the Westerns should make a good fight against the Edinburgh men. The Hearts team includes a number of new names, and their supporters will be anxious to see how the men shape.

The Heart of Mid-Lothian and the Hibernians are both engaged in important ties, and the results will be keenly looked forward to by the followers of both clubs.

CRICKET FIXTURES FOR TO-MORROW.

A couple of matches keep the football season to life in our own. Heading the best attraction will be the meeting of the St Bernards and Hibernians at Easter Road. It is not often we have two big games on one day, and it is a pity the clubs could not have arranged to meet at some other date.

At Tynecastle the Heart of Mid-Lothian meet Dumbarton, and the Westerns should make a good fight against the Edinburgh men. The Hearts team includes a number of new names, and their supporters will be anxious to see how the men shape.

STEWART'S COLLEGE ATHLETIC CLUB
WILL BE HELD ON SATURDAY, MAY 5th.

The Heart of Mid-Lothian and the Hibernians are both engaged in important ties, and the results will be keenly looked forward to by the followers of both clubs.

A couple of matches keep the football season to life in our own. Heading the best attraction will be the meeting of the St Bernards and Hibernians at Easter Road. It is not often we have two big games on one day, and it is a pity the clubs could not have arranged to meet at some other date.

FOOTBALL MATCH AT EASTER ROAD.
ST BERNARDS
HIBERNIANS
AT EASTER ROAD.
GRAND FOOTBALL MATCH.

At Tynecastle the Heart of Mid-Lothian meet Dumbarton, and the Westerns should make a good fight against the Edinburgh men. The Hearts team includes a number of new names, and their supporters will be anxious to see how the men shape.

FOOTBALL MATCH AT TYNECASTLE.
DUMBARTON
HEART OF MID-LOTHIAN
GOLF.

A couple of matches keep the football season to life in our own. Heading the best attraction will be the meeting of the St Bernards and Hibernians at Easter Road. It is not often we have two big games on one day, and it is a pity the clubs could not have arranged to meet at some other date.

At Tynecastle the Heart of Mid-Lothian meet Dumbarton, and the Westerns should make a good fight against the Edinburgh men. The Hearts team includes a number of new names, and their supporters will be anxious to see how the men shape.

The Heart of Mid-Lothian and the Hibernians are both engaged in important ties, and the results will be keenly looked forward to by the followers of both clubs.

A couple of matches keep the football season to life in our own. Heading the best attraction will be the meeting of the St Bernards and Hibernians at Easter Road. It is not often we have two big games on one day, and it is a pity the clubs could not have arranged to meet at some other date.

At Tynecastle the Heart of Mid-Lothian meet Dumbarton, and the Westerns should make a good fight against the Edinburgh men. The Hearts team includes a number of new names, and their supporters will be anxious to see how the men shape.

The Heart of Mid-Lothian and the Hibernians are both engaged in important ties, and the results will be keenly looked forward to by the followers of both clubs.

A couple of matches keep the football season to life in our own. Heading the best attraction will be the meeting of the St Bernards and Hibernians at Easter Road. It is not often we have two big games on one day, and it is a pity the clubs could not have arranged to meet at some other date.

At Tynecastle the Heart of Mid-Lothian meet Dumbarton, and the Westerns should make a good fight against the Edinburgh men. The Hearts team includes a number of new names, and their supporters will be anxious to see how the men shape.

The Heart of Mid-Lothian and the Hibernians are both engaged in important ties, and the results will be keenly looked forward to by the followers of both clubs.

A couple of matches keep the football season to life in our own. Heading the best attraction will be the meeting of the St Bernards and Hibernians at Easter Road. It is not often we have two big games on one day, and it is a pity the clubs could not have arranged to meet at some other date.

At Tynecastle the Heart of Mid-Lothian meet Dumbarton, and the Westerns should make a good fight against the Edinburgh men. The Hearts team includes a number of new names, and their supporters will be anxious to see how the men shape.

The Heart of Mid-Lothian and the Hibernians are both engaged in important ties, and the results will be keenly looked forward to by the followers of both clubs.

A couple of matches keep the football season to life in our own. Heading the best attraction will be the meeting of the St Bernards and Hibernians at Easter Road. It is not often we have two big games on one day, and it is a pity the clubs could not have arranged to meet at some other date.

At Tynecastle the Heart of Mid-Lothian meet Dumbarton, and the Westerns should make a good fight against the Edinburgh men. The Hearts team includes a number of new names, and their supporters will be anxious to see how the men shape.

The Heart of Mid-Lothian and the Hibernians are both engaged in important ties, and the results will be keenly looked forward to by the followers of both clubs.

A couple of matches keep the football season to life in our own. Heading the best attraction will be the meeting of the St Bernards and Hibernians at Easter Road. It is not often we have two big games on one day, and it is a pity the clubs could not have arranged to meet at some other date.

At Tynecastle the Heart of Mid-Lothian meet Dumbarton, and the Westerns should make a good fight against the Edinburgh men. The Hearts team includes a number of new names, and their supporters will be anxious to see how the men shape.

The Heart of Mid-Lothian and the Hibernians are both engaged in important ties, and the results will be keenly looked forward to by the followers of both clubs.

A couple of matches keep the football season to life in our own. Heading the best attraction will be the meeting of the St Bernards and Hibernians at Easter Road. It is not often we have two big games on one day, and it is a pity the clubs could not have arranged to meet at some other date.

At Tynecastle the Heart of Mid-Lothian meet Dumbarton, and the Westerns should make a good fight against the Edinburgh men. The Hearts team includes a number of new names, and their supporters will be anxious to see how the men shape.

The Heart of Mid-Lothian and the Hibernians are both engaged in important ties, and the results will be keenly looked forward to by the followers of both clubs.

A couple of matches keep the football season to life in our own. Heading the best attraction will be the meeting of the St Bernards and Hibernians at Easter Road. It is not often we have two big games on one day, and it is a pity the clubs could not have arranged to meet at some other date.

At Tynecastle the Heart of Mid-Lothian meet Dumbarton, and the Westerns should make a good fight against the Edinburgh men. The Hearts team includes a number of new names, and their supporters will be anxious to see how the men shape.

The Heart of Mid-Lothian and the Hibernians are both engaged in important ties, and the results will be keenly looked forward to by the followers of both clubs.

A couple of matches keep the football season to life in our own. Heading the best attraction will be the meeting of the St Bernards and Hibernians at Easter Road. It is not often we have two big games on one day, and it is a pity the clubs could not have arranged to meet at some other date.

At Tynecastle the Heart of Mid-Lothian meet Dumbarton, and the Westerns should make a good fight against the Edinburgh men. The Hearts team includes a number of new names, and their supporters will be anxious to see how the men shape.

The Heart of Mid-Lothian and the Hibernians are both engaged in important ties, and the results will be keenly looked forward to by the followers of both clubs.

A couple of matches keep the football season to life in our own. Heading the best attraction will be the meeting of the St Bernards and Hibernians at Easter Road. It is not often we have two big games on one day, and it is a pity the clubs could not have arranged to meet at some other date.

At Tynecastle the Heart of Mid-Lothian meet Dumbarton, and the Westerns should make a good fight against the Edinburgh men. The Hearts team includes a number of new names, and their supporters will be anxious to see how the men shape.

The Heart of Mid-Lothian and the Hibernians are both engaged in important ties, and the results will be keenly looked forward to by the followers of both clubs.

A couple of matches keep the football season to life in our own. Heading the best attraction will be the meeting of the St Bernards and Hibernians at Easter Road. It is not often we have two big games on one day, and it is a pity the clubs could not have arranged to meet at some other date.

At Tynecastle the Heart of Mid-Lothian meet Dumbarton, and the Westerns should make a good fight against the Edinburgh men. The Hearts team includes a number of new names, and their supporters will be anxious to see how the men shape.

The Heart of Mid-Lothian and the Hibernians are both engaged in important ties, and the results will be keenly looked forward to by the followers of both clubs.

A couple of matches keep the football season to life in our own. Heading the best attraction will be the meeting of the St Bernards and Hibernians at Easter Road. It is not often we have two big games on one day, and it is a pity the clubs could not have arranged to meet at some other date.

At Tynecastle the Heart of Mid-Lothian meet Dumbarton, and the Westerns should make a good fight against the Edinburgh men. The Hearts team includes a number of new names, and their supporters will be anxious to see how the men shape.

The Heart of Mid-Lothian and the Hibernians are both engaged in important ties, and the results will be keenly looked forward to by the followers of both clubs.

A couple of matches keep the football season to life in our own. Heading the best attraction will be the meeting of the St Bernards and Hibernians at Easter Road. It is not often we have two big games on one day, and it is a pity the clubs could not have arranged to meet at some other date.

At Tynecastle the Heart of Mid-Lothian meet Dumbarton, and the Westerns should make a good fight against the Edinburgh men. The Hearts team includes a number of new names, and their supporters will be anxious to see how the men shape.

The Heart of Mid-Lothian and the Hibernians are both engaged in important ties, and the results will be keenly looked forward to by the followers of both clubs.

A couple of matches keep the football season to life in our own. Heading the best attraction will be the meeting of the St Bernards and Hibernians at Easter Road. It is not often we have two big games on one day, and it is a pity the clubs could not have arranged to meet at some other date.

At Tynecastle the Heart of Mid-Lothian meet Dumbarton, and the Westerns should make a good fight against the Edinburgh men. The Hearts team includes a number of new names, and their supporters will be anxious to see how the men shape.

The Heart of Mid-Lothian and the Hibernians are both engaged in important ties, and the results will be keenly looked forward to by the followers of both clubs.

The Heart of Mid-Lothian and the Hibernians are both engaged in important ties, and the results will be keenly looked forward to by the followers of both clubs.

A couple of matches keep the football season to life in our own. Heading the best attraction will be the meeting of the St Bernards and Hibernians at Easter Road. It is not often we have two big games on one day, and it is a pity the clubs could not have arranged to meet at some other date.

At Tynecastle the Heart of Mid-Lothian meet Dumbarton, and the Westerns should make a good fight against the Edinburgh men. The Hearts team includes a number of new names, and their supporters will be anxious to see how the men shape.

The Heart of Mid-Lothian and the Hibernians are both engaged in important ties, and the results will be keenly looked forward to by the followers of both clubs.

A couple of matches keep the football season to life in our own. Heading the best attraction will be the meeting of the St Bernards and Hibernians at Easter Road. It is not often we have two big games on one day, and it is a pity the clubs could not have arranged to meet at some other date.

At Tynecastle the Heart of Mid-Lothian meet Dumbarton, and the Westerns should make a good fight against the Edinburgh men. The Hearts team includes a number of new names, and their supporters will be anxious to see how the men shape.

The Heart of Mid-Lothian and the Hibernians are both engaged in important ties, and the results will be keenly looked forward to by the followers of both clubs.

A couple of matches keep the football season to life in our own. Heading the best attraction will be the meeting of the St Bernards and Hibernians at Easter Road. It is not often we have two big games on one day, and it is a pity the clubs could not have arranged to meet at some other date.

At Tynecastle the Heart of Mid-Lothian meet Dumbarton, and the Westerns should make a good fight against the Edinburgh men. The Hearts team includes a number of new names, and their supporters will be anxious to see how the men shape.

The Heart of Mid-Lothian and the Hibernians are both engaged in important ties, and the results will be keenly looked forward to by the followers of both clubs.

A couple of matches keep the football season to life in our own. Heading the best attraction will be the meeting of the St Bernards and Hibernians at Easter Road. It is not often we have two big games on one day, and it is a pity the clubs could not have arranged to meet at some other date.

At Tynecastle the Heart of Mid-Lothian meet Dumbarton, and the Westerns should make a good fight against the Edinburgh men. The Hearts team includes a number of new names, and their supporters will be anxious to see how the men shape.

The Heart of Mid-Lothian and the Hibernians are both engaged in important ties, and the results will be keenly looked forward to by the followers of both clubs.

A couple of matches keep the football season to life in our own. Heading the best attraction will be the meeting of the St Bernards and Hibernians at Easter Road. It is not often we have two big games on one day, and it is a pity the clubs could not have arranged to meet at some other date.

At Tynecastle the Heart of Mid-Lothian meet Dumbarton, and the Westerns should make a good fight against the Edinburgh men. The Hearts team includes a number of new names, and their supporters will be anxious to see how the men shape.

The Heart of Mid-Lothian and the Hibernians are both engaged in important ties, and the results will be keenly looked forward to by the followers of both clubs.

A couple of matches keep the football season to life in our own. Heading the best attraction will be the meeting of the St Bernards and Hibernians at Easter Road. It is not often we have two big games on one day, and it is a pity the clubs could not have arranged to meet at some other date.

At Tynecastle the Heart of Mid-Lothian meet Dumbarton, and the Westerns should make a good fight against the Edinburgh men. The Hearts team includes a number of new names, and their supporters will be anxious to see how the men shape.

The Heart of Mid-Lothian and the Hibernians are both engaged in important ties, and the results will be keenly looked forward to by the followers of both clubs.

A couple of matches keep the football season to life in our own. Heading the best attraction will be the meeting of the St Bernards and Hibernians at Easter Road. It is not often we have two big games on one day, and it is a pity the clubs could not have arranged to meet at some other date.

At Tynecastle the Heart of Mid-Lothian meet Dumbarton, and the Westerns should make a good fight against the Edinburgh men. The Hearts team includes a number of new names, and their supporters will be anxious to see how the men shape.

The Heart of Mid-Lothian and the Hibernians are both engaged in important ties, and the results will be keenly looked forward to by the followers of both clubs.

A couple of matches keep the football season to life in our own. Heading the best attraction will be the meeting of the St Bernards and Hibernians at Easter Road. It is not often we have two big games on one day, and it is a pity the clubs could not have arranged to meet at some other date.

At Tynecastle the Heart of Mid-Lothian meet Dumbarton, and the Westerns should make a good fight against the Edinburgh men. The Hearts team includes a number of new names, and their supporters will be anxious to see how the men shape.

The Heart of Mid-Lothian and the Hibernians are both engaged in important ties, and the results will be keenly looked forward to by the followers of both clubs.

A couple of matches keep the football season to life in our own. Heading the best attraction will be the meeting of the St Bernards and Hibernians at Easter Road. It is not often we have two big games on one day, and it is a pity the clubs could not have arranged to meet at some other date.

At Tynecastle the Heart of Mid-Lothian meet Dumbarton, and the Westerns should make a good fight against the Edinburgh men. The Hearts team includes a number of new names, and their supporters will be anxious to see how the men shape.

The Heart of Mid-Lothian and the Hibernians are both engaged in important ties, and the results will be keenly looked forward to by the followers of both clubs.

A couple of matches keep the football season to life in our own. Heading the best attraction will be the meeting of the St Bernards and Hibernians at Easter Road. It is not often we have two big games on one day, and it is a pity the clubs could not have arranged to meet at some other date.

At Tynecastle the Heart of Mid-Lothian meet Dumbarton, and the Westerns should make a good fight against the Edinburgh men. The Hearts team includes a number of new names, and their supporters will be anxious to see how the men shape.

The Heart of Mid-Lothian and the Hibernians are both engaged in important ties, and the results will be keenly looked forward to by the followers of both clubs.

A couple of matches keep the football season to life in our own. Heading the best attraction will be the meeting of the St Bernards and Hibernians at Easter Road. It is not often we have two big games on one day, and it is a pity the clubs could not have arranged to meet at some other date.

At Tynecastle the Heart of Mid-Lothian meet Dumbarton, and the Westerns should make a good fight against the Edinburgh men. The Hearts team includes a number of new names, and their supporters will be anxious to see how the men shape.

The Heart of Mid-Lothian and the Hibernians are both engaged in important ties, and the results will be keenly looked forward to by the followers of both clubs.

A couple of matches keep the football season to life in our own. Heading the best attraction will be the meeting of the St Bernards and Hibernians at Easter Road. It is not often we have two big games on one day, and it is a pity the clubs could not have arranged to meet at some other date.

At Tynecastle the Heart of Mid-Lothian meet Dumbarton, and the Westerns should make a good fight against the Edinburgh men. The Hearts team includes a number of new names, and their supporters will be anxious to see how the men shape.

The Heart of Mid-Lothian and the Hibernians are both engaged in important ties, and the results will be keenly looked forward to by the followers of both clubs.

A couple of matches keep the football season to life in our own. Heading the best attraction will be the meeting of the St Bernards and Hibernians at Easter Road. It is not often we have two big games on one day, and it is a pity the clubs could not have arranged to meet at some other date.

At Tynecastle the Heart of Mid-Lothian meet Dumbarton, and the Westerns should make a good fight against the Edinburgh men. The Hearts team includes a number of new names, and their supporters will be anxious to see how the men shape.

The Heart of Mid-Lothian and the Hibernians are both engaged in important ties, and the results will be keenly looked forward to by the followers of both clubs.

A couple of matches keep the football season to life in our own. Heading the best attraction will be the meeting of the St Bernards and Hibernians at Easter Road. It is not often we have two big games on one day, and it is a pity the clubs could not have arranged to meet at some other date.

At Tynecastle the Heart of Mid-Lothian meet Dumbarton, and the Westerns should make a good fight against the Edinburgh men. The Hearts team includes a number of new names, and their supporters will be anxious to see how the men shape.

The Heart of Mid-Lothian and the Hibernians are both engaged in important ties, and the results will be keenly looked forward to by the followers of both clubs.

A couple of matches keep the football season to life in our own. Heading the best attraction will be the meeting of the St Bernards and Hibernians at Easter Road. It is not often we have two big games on one day, and it is a pity the clubs could not have arranged to meet at some other date.

At Tynecastle the Heart of Mid-Lothian meet Dumbarton, and the Westerns should make a good fight against the Edinburgh men. The Hearts team includes a number of new names, and their supporters will be anxious to see how the men shape.

The Heart of Mid-Lothian and the Hibernians are both engaged in important ties, and the results will be keenly looked forward to by the followers of both clubs.

A couple of matches keep the football season to life in our own. Heading the best attraction will be the meeting of the St Bernards and Hibernians at Easter Road. It is not often we have two big games on one day, and it is a pity the clubs could not have arranged to meet at some other date.

At Tynecastle the Heart of Mid-Lothian meet Dumbarton, and the Westerns should make a good fight against the Edinburgh men. The Hearts team includes a number of new names, and their supporters will be anxious to see how the men shape.

The Heart of Mid-Lothian and the Hibernians are both engaged in important ties, and the results will be keenly looked forward to by the followers of both clubs.

A couple of matches keep the football season to life in our own. Heading the best attraction will be the meeting of the St Bernards and Hibernians at Easter Road. It is not often we have two big games on one day, and it is a pity the clubs could not have arranged to meet at some other date.

At Tynecastle the Heart of Mid-Lothian meet Dumbarton, and the Westerns should make a good fight against the Edinburgh men. The Hearts team includes a number of new names, and their supporters will be anxious to see how the men shape.

The Heart of Mid-Lothian and the Hibernians are both engaged in important ties, and the results will be keenly looked forward to by the followers of both clubs.

A couple of matches keep the football season to life in our own. Heading the best attraction will be the meeting of the St Bernards and Hibernians at Easter Road. It is not often we have two big games on one day, and it is a pity the clubs could not have arranged to meet at some other date.

At Tynecastle the Heart of Mid-Lothian meet Dumbarton, and the Westerns should make a good fight against the Edinburgh men. The Hearts team includes a number of new names, and their supporters will be anxious to see how the men shape.

The Heart of Mid-Lothian and the Hibernians are both engaged in important ties, and the results will be keenly looked forward to by the followers of both clubs.

A couple of matches keep the football season to life in our own. Heading the best attraction will be the meeting of the St Bernards and Hibernians at Easter Road. It is not often we have two big games on one day, and it is a pity the clubs could not have arranged to meet at some other date.

At Tynecastle the Heart of Mid-Lothian meet Dumbarton, and the Westerns should make a good fight against the Edinburgh men. The Hearts team includes a number of new names, and their supporters will be anxious to see how the men shape.

The Heart of Mid-Lothian and the Hibernians are both engaged in important ties, and the results will be keenly looked forward to by the followers of both clubs.

A couple of matches keep the football season to life in our own. Heading the best attraction will be the meeting of the St Bernards and Hibernians at Easter Road. It is not often we have two big games on one day, and it is a pity the clubs could not have arranged to meet at some other date.

At Tynecastle the Heart of Mid-Lothian meet Dumbarton, and the Westerns should make a good fight against the Edinburgh men. The Hearts team includes a number of new names, and their supporters will be anxious to see how the men shape.

The Heart of Mid-Lothian and the Hibernians are both engaged in important ties, and the results will be keenly looked forward to by the followers of both clubs.

A couple of matches keep the football season to life in our own. Heading the best attraction will be the meeting of the St Bernards and Hibernians at Easter Road. It is not often we have two big games on one day, and it is a pity the clubs could not have arranged to meet at some other date.

At Tynecastle the Heart of Mid-Lothian meet Dumbarton, and the Westerns should make a good fight against the Edinburgh men. The Hearts team includes a number of new names, and their supporters will be anxious to see how the men shape.

The Heart of Mid-Lothian and the Hibernians are both engaged in important ties, and the results will be keenly looked forward to by the followers of both clubs.

A couple of matches keep the football season to life in our own. Heading the best attraction will be the meeting of the St Bernards and Hibernians at Easter Road. It is not often we have two big games on one day, and it is a pity the clubs could not have arranged to meet at some other date.

At Tynecastle the Heart of Mid-Lothian meet Dumbarton, and the Westerns should make a good fight against the Edinburgh men. The Hearts team includes a number of new names, and their supporters will be anxious to see how the men shape.

The Heart of Mid-Lothian and the Hibernians are both engaged in important ties, and the results will be keenly looked forward to by the followers of both clubs.

A couple of matches keep the football season to life in our own. Heading the best attraction will be the meeting of the St Bernards and Hibernians at Easter Road. It is not often we have two big games on one day, and it is a pity the clubs could not have arranged to meet at some other date.

At Tynecastle the Heart of Mid-Lothian meet Dumbarton, and the Westerns should make a good fight against the Edinburgh men. The Hearts team includes a number of new names, and their supporters will be anxious to see how the men shape.

The Heart of Mid-Lothian and the Hibernians are both engaged in important ties, and the results will be keenly looked forward to by the followers of both clubs.

A couple of matches keep the football season to life in our own. Heading the best attraction will be the meeting of the St Bernards and Hibernians at Easter Road. It is not often we have two big games on one day, and it is a pity the clubs could not have arranged to meet at some other date.

At Tynecastle the Heart of Mid-Lothian meet Dumbarton, and the Westerns should make a good fight against the Edinburgh men. The Hearts team includes a number of new names, and their supporters will be anxious to see how the men shape.

The Heart of Mid-Lothian and the Hibernians are both engaged in important ties, and the results will be keenly looked forward to by the followers of both clubs.

A couple of matches keep the football season to life in our own. Heading the best attraction will be the meeting of the St Bernards and Hibernians at Easter Road. It is not often we have two big games on one day, and it is a pity the clubs could not have arranged to meet at some other date.

At Tynecastle the Heart of Mid-Lothian meet Dumbarton, and the Westerns should make a good fight against the Edinburgh men. The Hearts team includes a number of new names, and their supporters will be anxious to see how the men shape.

The Heart of Mid-Lothian and the Hibernians are both engaged in important ties, and the results will be keenly looked forward to by the followers of both clubs.

A couple of matches keep the football season to life in our own. Heading the best attraction will be the meeting of the St Bernards and Hibernians at Easter Road. It is not often we have two big games on one day, and it is a pity the clubs could not have arranged to meet at some other date.

At Tynecastle the Heart of Mid-Lothian meet Dumbarton, and the Westerns should make a good fight against the Edinburgh men. The Hearts team includes a number of new names, and their supporters will be anxious to see how the men shape.

The Heart of Mid-Lothian and the Hibernians are both engaged in important ties, and the results will be keenly looked forward to by the followers of both clubs.

A couple of matches keep the football season to life in our own. Heading the best attraction will be the meeting of the St Bernards and Hibernians at Easter Road. It is not often we have two big games on one day, and it is a pity the clubs could not have arranged to meet at some other date.

At Tynecastle the Heart of Mid-Lothian meet Dumbarton, and the Westerns should make a good fight against the Edinburgh men. The Hearts team includes a number of new names, and their supporters will be anxious to see how the men shape.

The Heart of Mid-Lothian and the Hibernians are both engaged in important ties, and the results will be keenly looked forward to by the followers of both clubs.

A couple of matches keep the football season to life in our own. Heading the best attraction will be the meeting of the St Bernards and Hibernians at Easter Road. It is not often we have two big games on one day, and it is a pity the clubs could not have arranged to meet at some other date.

At Tynecastle the Heart of Mid-Lothian meet Dumbarton, and the Westerns should make a good fight against the Edinburgh men. The Hearts team includes a number of new names, and their supporters will be anxious to see how the men shape.

The Heart of Mid-Lothian and the Hibernians are both engaged in important ties, and the results will be keenly looked forward to by the followers of both clubs.

A couple of matches keep the football season to life in our own. Heading the best attraction will be the meeting of the St Bernards and Hibernians at Easter Road. It is not often we have two big games on one day, and it is a pity the clubs could not have arranged to meet at some other date.

At Tynecastle the Heart of Mid-Lothian meet Dumbarton, and the Westerns should make a good fight against the Edinburgh men. The Hearts team includes a number of new names, and their supporters will be anxious to see how the men shape.

The Heart of Mid-Lothian and the Hibernians are both engaged in important ties, and the results will be keenly looked forward to by the followers of both clubs.

A couple of matches keep the football season to life in our own. Heading the best attraction will be the meeting of the St Bernards and Hibernians at Easter Road. It is not often we have two big games on one day, and it is a pity the clubs could not have arranged to meet at some other date.

At Tynecastle the Heart of Mid-Lothian meet Dumbarton, and the Westerns should make a good fight against the Edinburgh men. The Hearts team includes a number of new names, and their supporters will be anxious to see how the men shape.

The Heart of Mid-Lothian and the Hibernians are both engaged in important ties, and the results will be keenly looked forward to by the followers of both clubs.

A couple of matches keep the football season to life in our own. Heading the best attraction will be the meeting of the St Bernards and Hibernians at Easter Road. It is not often we have two big games on one day, and it is a pity the clubs could not have arranged to meet at some other date.

At Tynecastle the Heart of Mid-Lothian meet Dumbarton, and the Westerns should make a good fight against the Edinburgh men. The Hearts team includes a number of new names, and their supporters will be anxious to see how the men shape.

The Heart of Mid-Lothian and the Hibernians are both engaged in important ties, and the results will be keenly looked forward to by the followers of both clubs.

A couple of matches keep the football season to life in our own. Heading the best attraction will be the meeting of the St Bernards and Hibernians at Easter Road. It is not often we have two big games on one day, and it is a pity the clubs could not have arranged to meet at some other date.

At Tynecastle the Heart of Mid-Lothian meet Dumbarton, and the Westerns should make a good fight against the Edinburgh men. The Hearts team includes a number of new names, and their supporters will be anxious to see how the men shape.

The Heart of Mid-Lothian and the Hibernians are both engaged in important ties, and the results will be keenly looked forward to by the followers of both clubs.

A couple of matches keep the football season to life in our own. Heading the best attraction will be the meeting of the St Bernards and Hibernians at Easter Road. It is not often we have two big games on one day, and it is a pity the clubs could not have arranged to meet at some other date.

At Tynecastle the Heart of Mid-Lothian meet Dumbarton, and the Westerns should make a good fight against the Edinburgh men. The Hearts team includes a number of new names, and their supporters will be anxious to see how the men shape.

The Heart of Mid-Lothian and the Hibernians are both engaged in important ties, and the results will be keenly looked forward to by the followers of both clubs.

CRICKET.
STANLEY HOUSE V. LEITH NORTHERN.

A couple of matches keep the football season to life in our own. Heading the best attraction will be the meeting of the St Bernards and Hibernians at Easter Road. It is not often we have two big games on one day, and it is a pity the clubs could not have arranged to meet at some other date.

SHIPPING NEWS.

Bound — Arrived at Leith, from Rotterdam, the steamer, with general cargo.

Bound — Arrived at Leith, from Rotterdam, the steamer, with general cargo.

Bound — Arrived at Leith, from Rotterdam, the steamer, with general cargo.

Bound — Arrived at Leith, from Rotterdam, the steamer, with general cargo.

Bound — Arrived at Leith, from Rotterdam, the steamer, with general cargo.

Bound — Arrived at Leith, from Rotterdam, the steamer, with general cargo.

CASUALTIES.

A telegram from Lloyd's states that the Norwegian barque, from Christiania, went ashore near the harbour mouth during the gale.

A telegram from Lloyd's states that the Norwegian barque, from Christiania, went ashore near the harbour mouth during the gale.

A telegram from Lloyd's states that the Norwegian barque, from Christiania, went ashore near the harbour mouth during the gale.

A telegram from Lloyd's states that the Norwegian barque, from Christiania, went ashore near the harbour mouth during the gale.

YESTERDAY'S CATTLE SALES.

There was a large supply of stock forward at the market yesterday, and the demand was steady at about last week's prices.

There was a large supply of stock forward at the market yesterday, and the demand was steady at about last week's prices.

There was a large supply of stock forward at the market yesterday, and the demand was steady at about last week's prices.

There was a large supply of stock forward at the market yesterday, and the demand was steady at about last week's prices.

There was a large supply of stock forward at the market yesterday, and the demand was steady at about last week's prices.

S
S
S
S
S
S
S
S
S
S
S
S
S
S
